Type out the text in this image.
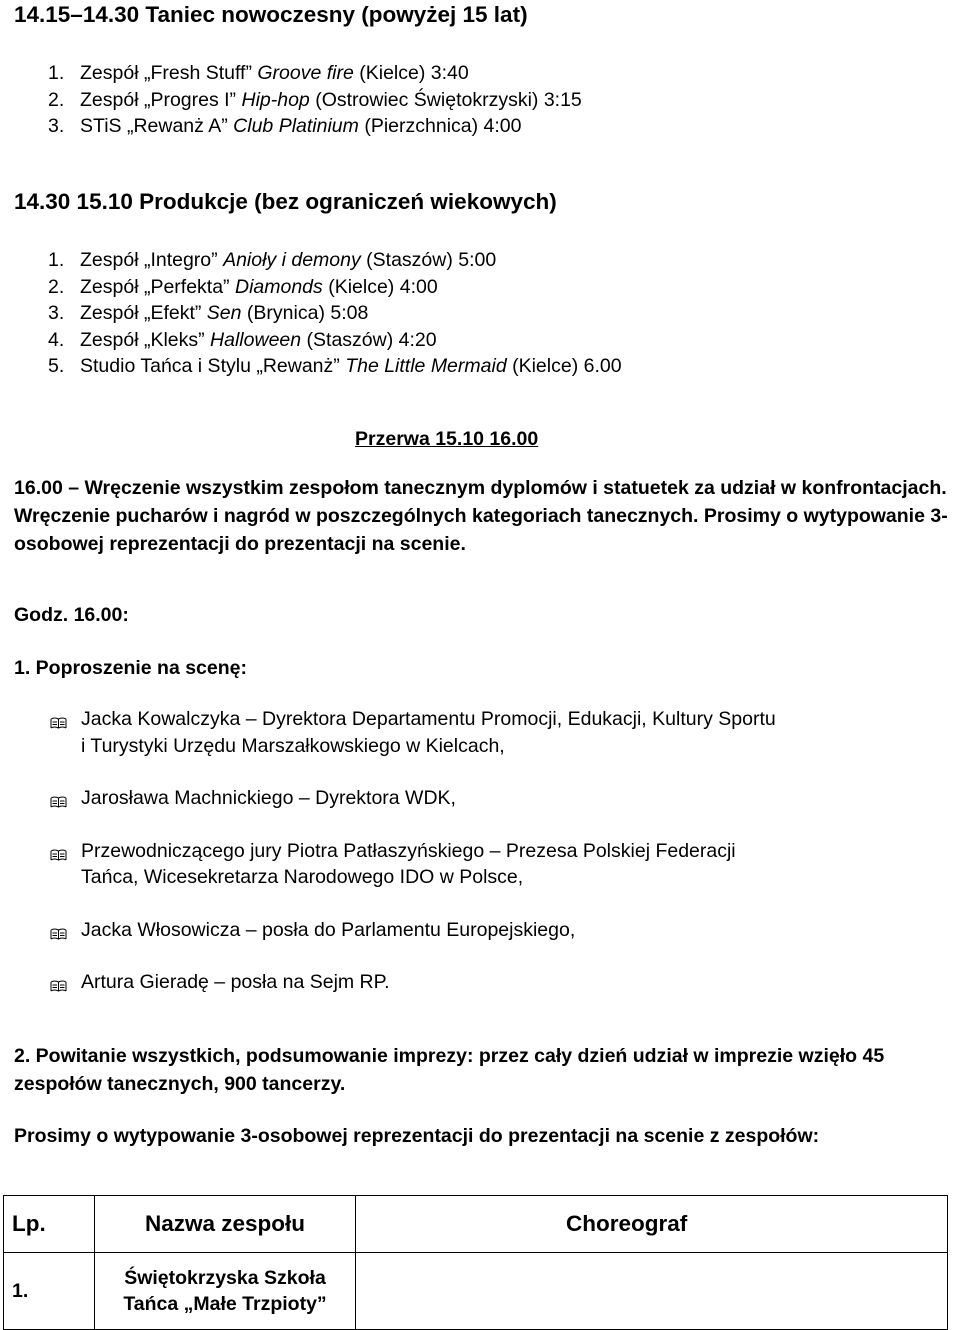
14.15–14.30 Taniec nowoczesny (powyżej 15 lat)
1. Zespół „Fresh Stuff” Groove fire (Kielce) 3:40
2. Zespół „Progres I” Hip-hop (Ostrowiec Świętokrzyski) 3:15
3. STiS „Rewanż A” Club Platinium (Pierzchnica) 4:00
14.30 15.10 Produkcje (bez ograniczeń wiekowych)
1. Zespół „Integro” Anioły i demony (Staszów) 5:00
2. Zespół „Perfekta” Diamonds (Kielce) 4:00
3. Zespół „Efekt” Sen (Brynica) 5:08
4. Zespół „Kleks” Halloween (Staszów) 4:20
5. Studio Tańca i Stylu „Rewanż” The Little Mermaid (Kielce) 6.00
Przerwa 15.10 16.00

16.00 – Wręczenie wszystkim zespołom tanecznym dyplomów i statuetek za udział w konfrontacjach. Wręczenie pucharów i nagród w poszczególnych kategoriach tanecznych. Prosimy o wytypowanie 3-osobowej reprezentacji do prezentacji na scenie.

Godz. 16.00:
1. Poproszenie na scenę:
Jacka Kowalczyka – Dyrektora Departamentu Promocji, Edukacji, Kultury Sportu
i Turystyki Urzędu Marszałkowskiego w Kielcach,
Jarosława Machnickiego – Dyrektora WDK,
Przewodniczącego jury Piotra Patłaszyńskiego – Prezesa Polskiej Federacji
Tańca, Wicesekretarza Narodowego IDO w Polsce,
Jacka Włosowicza – posła do Parlamentu Europejskiego,
Artura Gieradę – posła na Sejm RP.

2. Powitanie wszystkich, podsumowanie imprezy: przez cały dzień udział w imprezie wzięło 45 zespołów tanecznych, 900 tancerzy.

Prosimy o wytypowanie 3-osobowej reprezentacji do prezentacji na scenie z zespołów:

Lp.	Nazwa zespołu	Choreograf

1.	Świętokrzyska Szkoła
Tańca „Małe Trzpioty”	
